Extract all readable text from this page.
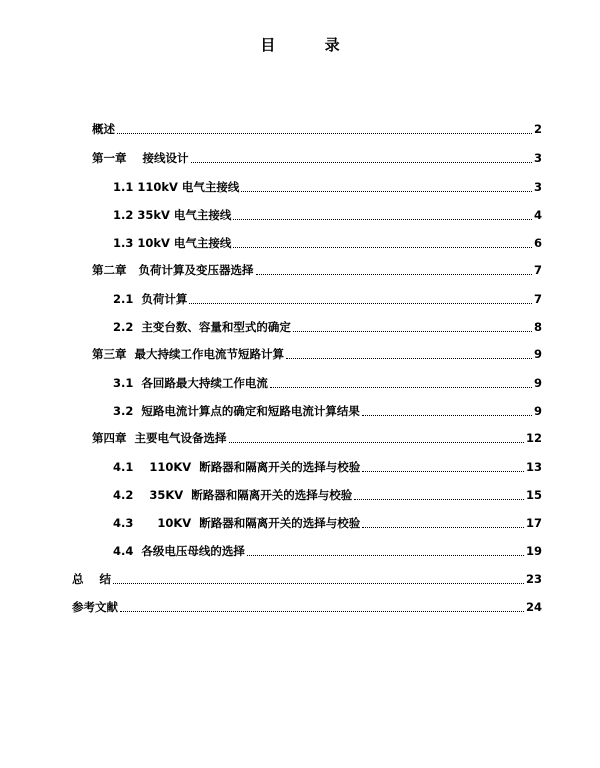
目 录
概述	2
第一章    接线设计	3
1.1 110kV 电气主接线	3
1.2 35kV 电气主接线	4
1.3 10kV 电气主接线	6
第二章   负荷计算及变压器选择	7
2.1  负荷计算	7
2.2  主变台数、容量和型式的确定	8
第三章  最大持续工作电流节短路计算	9
3.1  各回路最大持续工作电流	9
3.2  短路电流计算点的确定和短路电流计算结果	9
第四章  主要电气设备选择	12
4.1    110KV  断路器和隔离开关的选择与校验	13
4.2    35KV  断路器和隔离开关的选择与校验	15
4.3      10KV  断路器和隔离开关的选择与校验	17
4.4  各级电压母线的选择	19
总    结	23
参考文献	24
